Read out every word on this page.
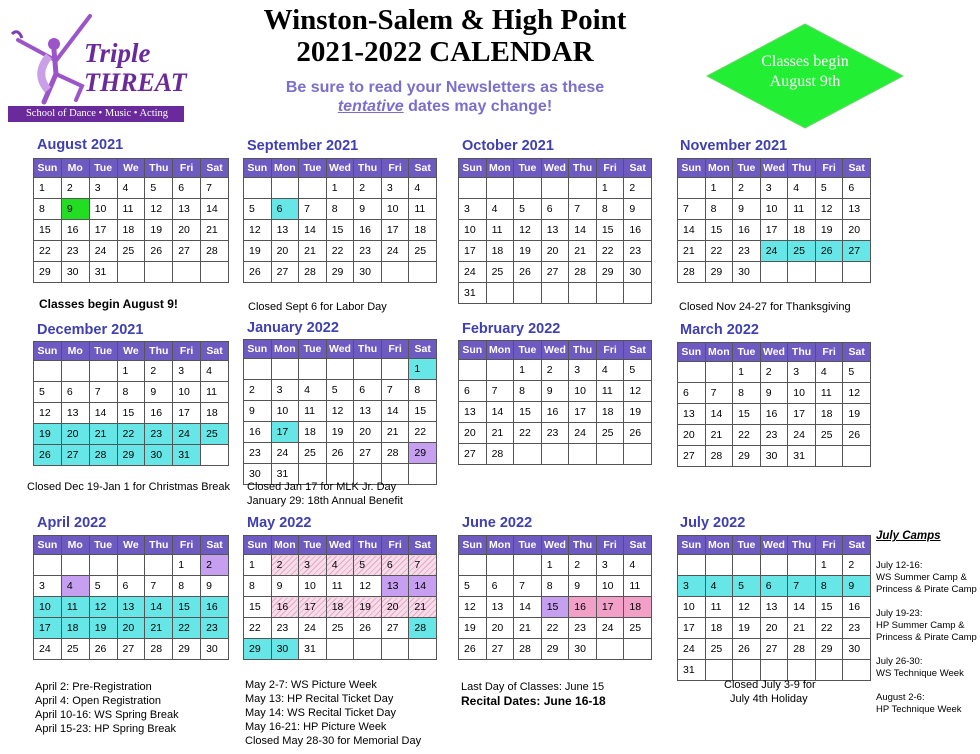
Triple
THREAT
School of Dance • Music • Acting
Winston-Salem & High Point
2021-2022 CALENDAR
Be sure to read your Newsletters as these
tentative dates may change!
Classes begin
August 9th
August 2021	September 2021	October 2021	November 2021
December 2021	January 2022	February 2022	March 2022
April 2022	May 2022	June 2022	July 2022
Sun	Mo	Tue	We	Thu	Fri	Sat
1	2	3	4	5	6	7
8	9	10	11	12	13	14
15	16	17	18	19	20	21
22	23	24	25	26	27	28
29	30	31				
Sun	Mon	Tue	Wed	Thu	Fri	Sat
			1	2	3	4
5	6	7	8	9	10	11
12	13	14	15	16	17	18
19	20	21	22	23	24	25
26	27	28	29	30		
Sun	Mon	Tue	Wed	Thu	Fri	Sat
					1	2
3	4	5	6	7	8	9
10	11	12	13	14	15	16
17	18	19	20	21	22	23
24	25	26	27	28	29	30
31						
Sun	Mon	Tue	Wed	Thu	Fri	Sat
	1	2	3	4	5	6
7	8	9	10	11	12	13
14	15	16	17	18	19	20
21	22	23	24	25	26	27
28	29	30				
Sun	Mo	Tue	We	Thu	Fri	Sat
			1	2	3	4
5	6	7	8	9	10	11
12	13	14	15	16	17	18
19	20	21	22	23	24	25
26	27	28	29	30	31	
Sun	Mon	Tue	Wed	Thu	Fri	Sat
						1
2	3	4	5	6	7	8
9	10	11	12	13	14	15
16	17	18	19	20	21	22
23	24	25	26	27	28	29
30	31					
Sun	Mon	Tue	Wed	Thu	Fri	Sat
		1	2	3	4	5
6	7	8	9	10	11	12
13	14	15	16	17	18	19
20	21	22	23	24	25	26
27	28					
Sun	Mon	Tue	Wed	Thu	Fri	Sat
		1	2	3	4	5
6	7	8	9	10	11	12
13	14	15	16	17	18	19
20	21	22	23	24	25	26
27	28	29	30	31		
Sun	Mo	Tue	We	Thu	Fri	Sat
					1	2
3	4	5	6	7	8	9
10	11	12	13	14	15	16
17	18	19	20	21	22	23
24	25	26	27	28	29	30
Sun	Mon	Tue	Wed	Thu	Fri	Sat
1	2	3	4	5	6	7
8	9	10	11	12	13	14
15	16	17	18	19	20	21
22	23	24	25	26	27	28
29	30	31				
Sun	Mon	Tue	Wed	Thu	Fri	Sat
			1	2	3	4
5	6	7	8	9	10	11
12	13	14	15	16	17	18
19	20	21	22	23	24	25
26	27	28	29	30		
Sun	Mon	Tue	Wed	Thu	Fri	Sat
					1	2
3	4	5	6	7	8	9
10	11	12	13	14	15	16
17	18	19	20	21	22	23
24	25	26	27	28	29	30
31						
Classes begin August 9!	Closed Sept 6 for Labor Day	Closed Nov 24-27 for Thanksgiving
Closed Dec 19-Jan 1 for Christmas Break Closed Jan 17 for MLK Jr. Day
January 29: 18th Annual Benefit
April 2: Pre-Registration
April 4: Open Registration
April 10-16: WS Spring Break
April 15-23: HP Spring Break
May 2-7: WS Picture Week
May 13: HP Recital Ticket Day
May 14: WS Recital Ticket Day
May 16-21: HP Picture Week
Closed May 28-30 for Memorial Day
Last Day of Classes: June 15
Recital Dates: June 16-18
Closed July 3-9 for
July 4th Holiday
July Camps
July 12-16:
WS Summer Camp &
Princess & Pirate Camp
July 19-23:
HP Summer Camp &
Princess & Pirate Camp
July 26-30:
WS Technique Week
August 2-6:
HP Technique Week
